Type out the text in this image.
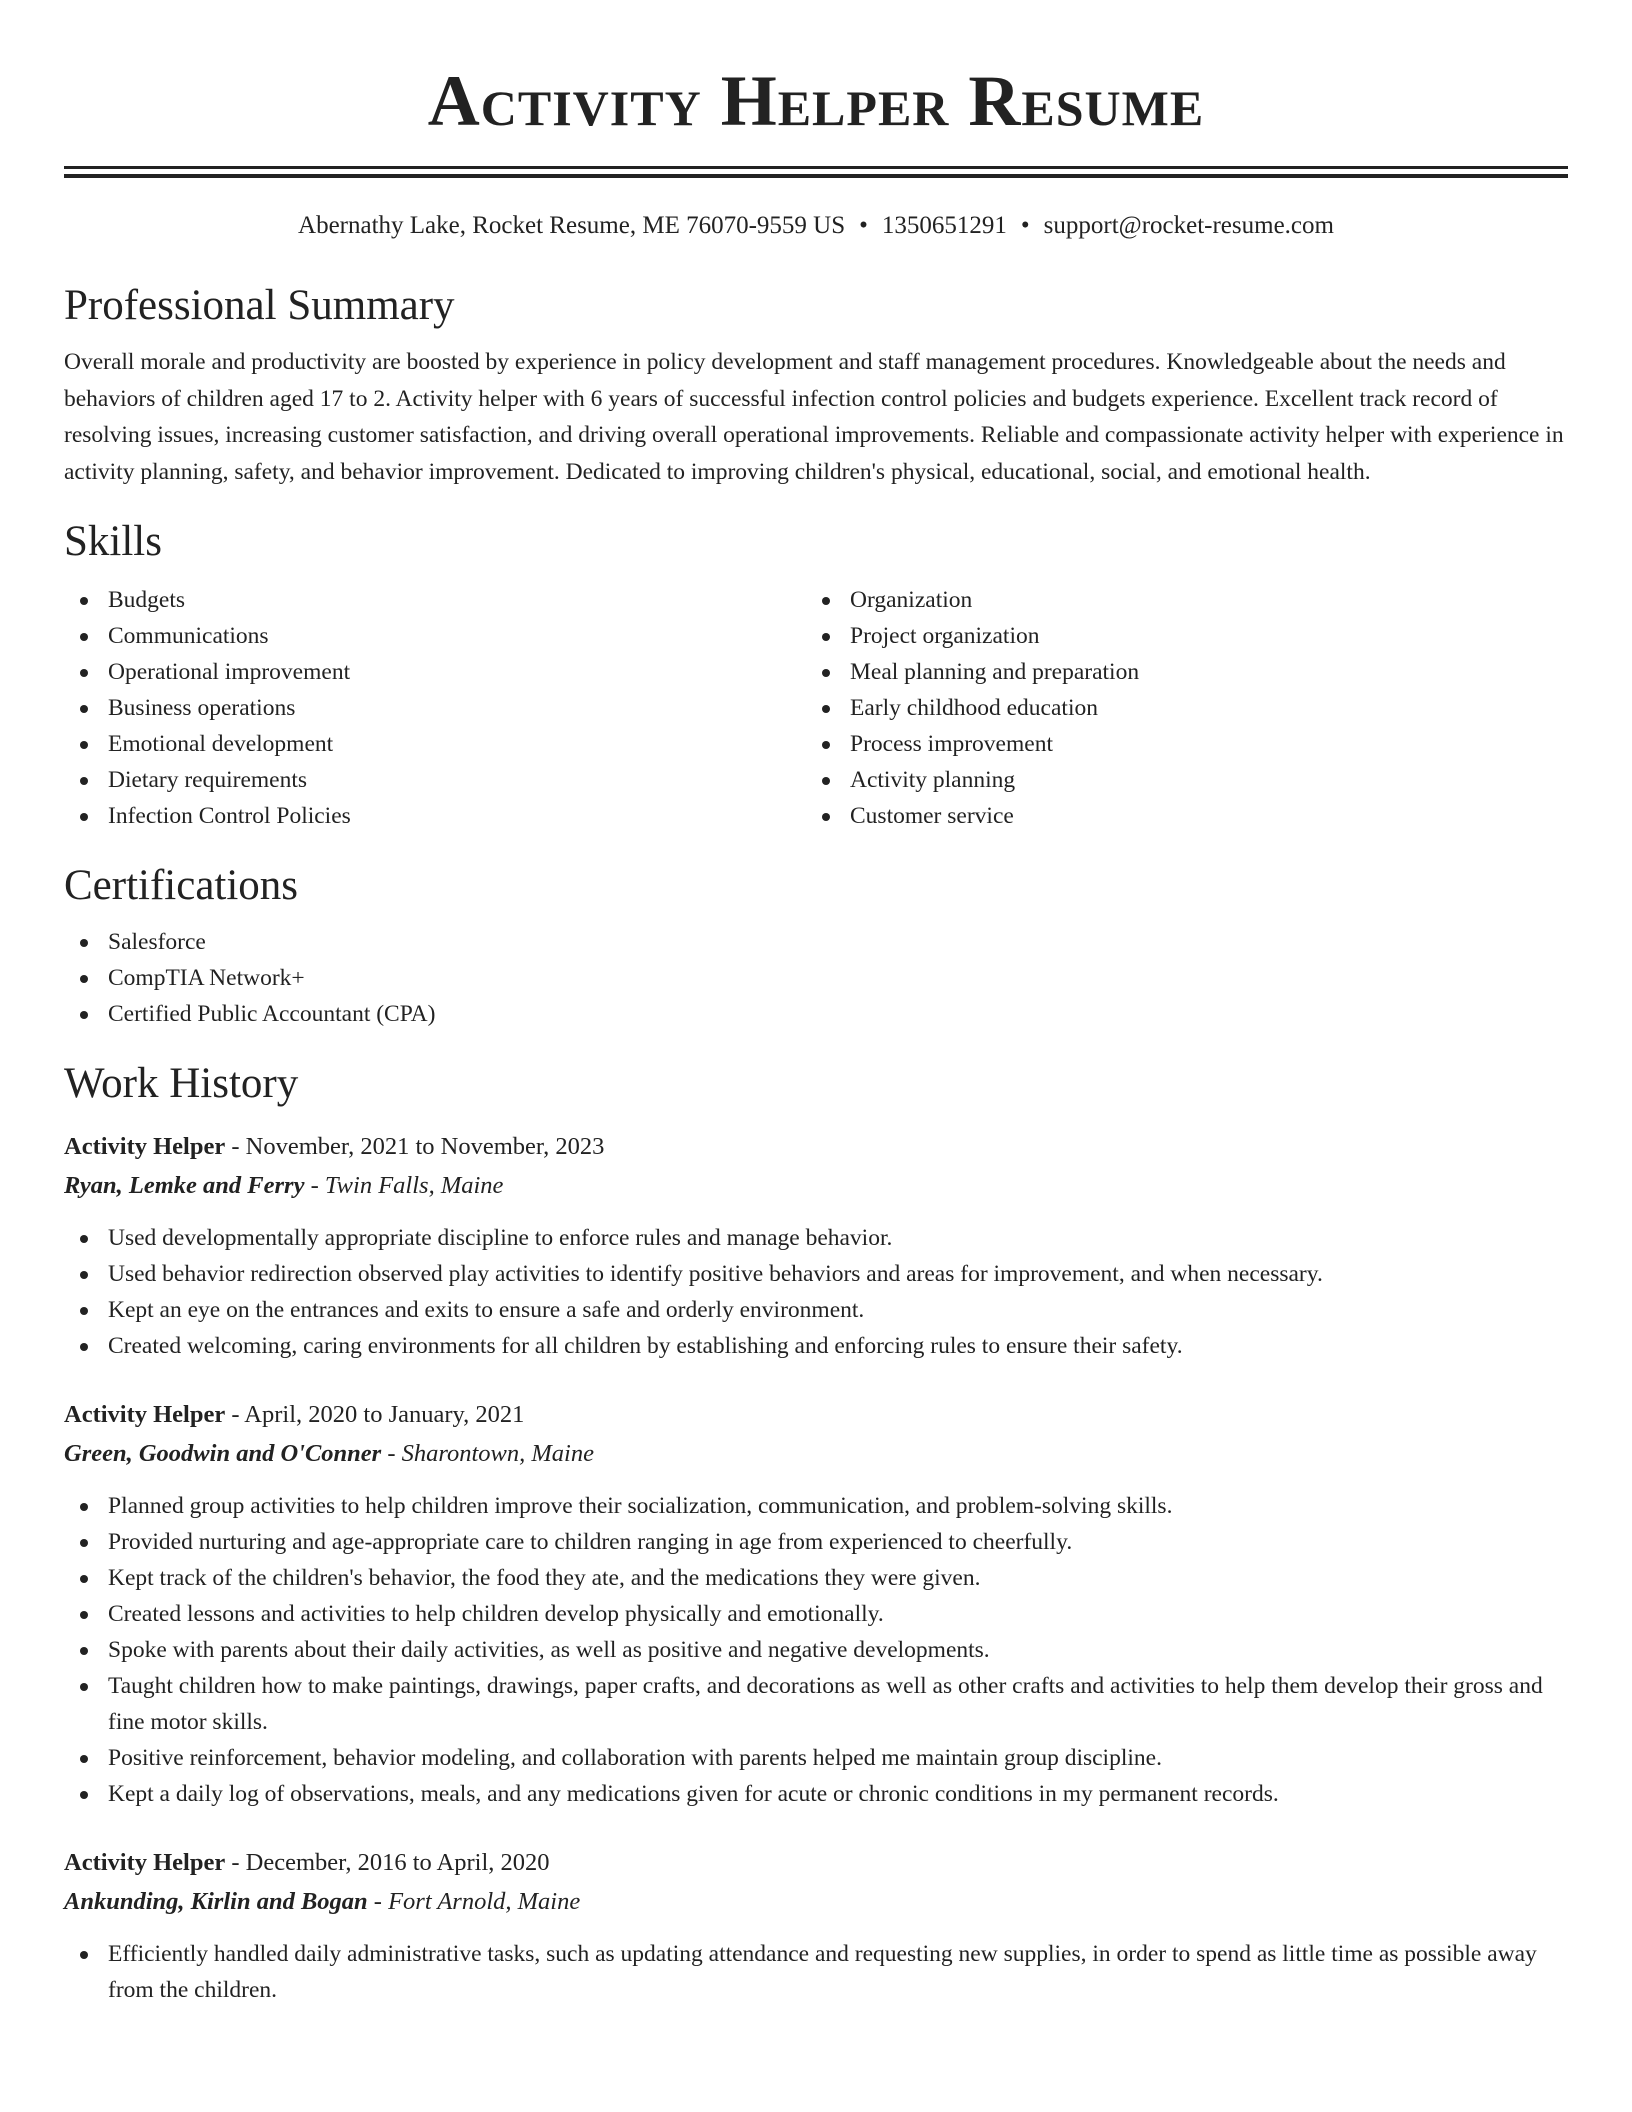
Activity Helper Resume
Abernathy Lake, Rocket Resume, ME 76070-9559 US • 1350651291 • support@rocket-resume.com
Professional Summary

Overall morale and productivity are boosted by experience in policy development and staff management procedures. Knowledgeable about the needs and behaviors of children aged 17 to 2. Activity helper with 6 years of successful infection control policies and budgets experience. Excellent track record of resolving issues, increasing customer satisfaction, and driving overall operational improvements. Reliable and compassionate activity helper with experience in activity planning, safety, and behavior improvement. Dedicated to improving children's physical, educational, social, and emotional health.

Skills
Budgets
Communications
Operational improvement
Business operations
Emotional development
Dietary requirements
Infection Control Policies
Organization
Project organization
Meal planning and preparation
Early childhood education
Process improvement
Activity planning
Customer service
Certifications
Salesforce
CompTIA Network+
Certified Public Accountant (CPA)
Work History
Activity Helper - November, 2021 to November, 2023
Ryan, Lemke and Ferry - Twin Falls, Maine
Used developmentally appropriate discipline to enforce rules and manage behavior.
Used behavior redirection observed play activities to identify positive behaviors and areas for improvement, and when necessary.
Kept an eye on the entrances and exits to ensure a safe and orderly environment.
Created welcoming, caring environments for all children by establishing and enforcing rules to ensure their safety.
Activity Helper - April, 2020 to January, 2021
Green, Goodwin and O'Conner - Sharontown, Maine
Planned group activities to help children improve their socialization, communication, and problem-solving skills.
Provided nurturing and age-appropriate care to children ranging in age from experienced to cheerfully.
Kept track of the children's behavior, the food they ate, and the medications they were given.
Created lessons and activities to help children develop physically and emotionally.
Spoke with parents about their daily activities, as well as positive and negative developments.
Taught children how to make paintings, drawings, paper crafts, and decorations as well as other crafts and activities to help them develop their gross and fine motor skills.
Positive reinforcement, behavior modeling, and collaboration with parents helped me maintain group discipline.
Kept a daily log of observations, meals, and any medications given for acute or chronic conditions in my permanent records.
Activity Helper - December, 2016 to April, 2020
Ankunding, Kirlin and Bogan - Fort Arnold, Maine
Efficiently handled daily administrative tasks, such as updating attendance and requesting new supplies, in order to spend as little time as possible away from the children.
